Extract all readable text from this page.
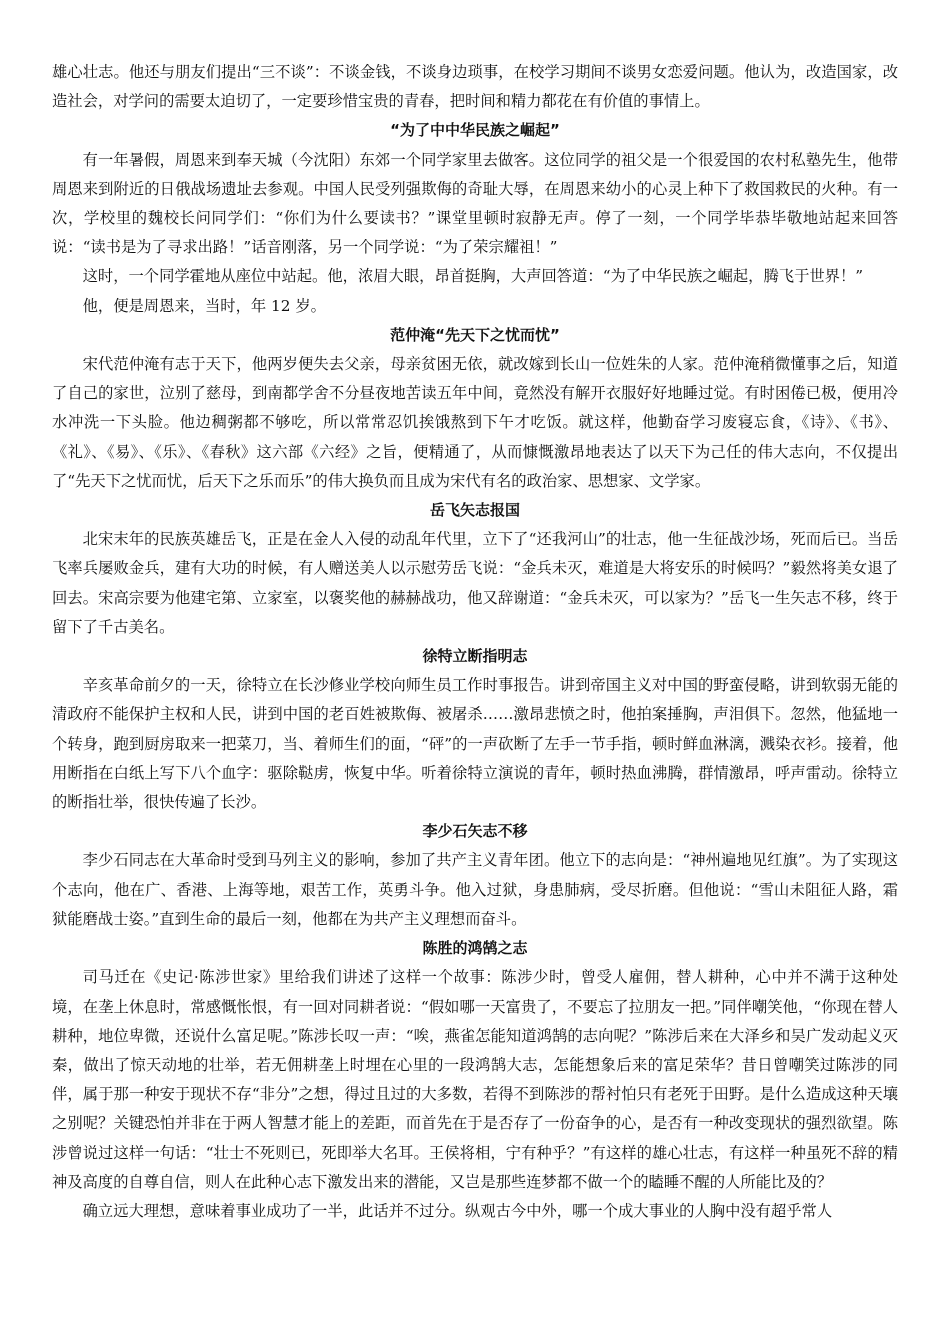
雄心壮志。他还与朋友们提出“三不谈”：不谈金钱，不谈身边琐事，在校学习期间不谈男女恋爱问题。他认为，改造国家，改造社会，对学问的需要太迫切了，一定要珍惜宝贵的青春，把时间和精力都花在有价值的事情上。

“为了中中华民族之崛起”

有一年暑假，周恩来到奉天城（今沈阳）东郊一个同学家里去做客。这位同学的祖父是一个很爱国的农村私塾先生，他带周恩来到附近的日俄战场遗址去参观。中国人民受列强欺侮的奇耻大辱，在周恩来幼小的心灵上种下了救国救民的火种。有一次，学校里的魏校长问同学们：“你们为什么要读书？”课堂里顿时寂静无声。停了一刻，一个同学毕恭毕敬地站起来回答说：“读书是为了寻求出路！”话音刚落，另一个同学说：“为了荣宗耀祖！”

这时，一个同学霍地从座位中站起。他，浓眉大眼，昂首挺胸，大声回答道：“为了中华民族之崛起，腾飞于世界！”

他，便是周恩来，当时，年 12 岁。

范仲淹“先天下之忧而忧”

宋代范仲淹有志于天下，他两岁便失去父亲，母亲贫困无依，就改嫁到长山一位姓朱的人家。范仲淹稍微懂事之后，知道了自己的家世，泣别了慈母，到南都学舍不分昼夜地苦读五年中间，竟然没有解开衣服好好地睡过觉。有时困倦已极，便用冷水冲洗一下头脸。他边稠粥都不够吃，所以常常忍饥挨饿熬到下午才吃饭。就这样，他勤奋学习废寝忘食，《诗》、《书》、《礼》、《易》、《乐》、《春秋》这六部《六经》之旨，便精通了，从而慷慨激昂地表达了以天下为己任的伟大志向，不仅提出了“先天下之忧而忧，后天下之乐而乐”的伟大换负而且成为宋代有名的政治家、思想家、文学家。

岳飞矢志报国

北宋末年的民族英雄岳飞，正是在金人入侵的动乱年代里，立下了“还我河山”的壮志，他一生征战沙场，死而后已。当岳飞率兵屡败金兵，建有大功的时候，有人赠送美人以示慰劳岳飞说：“金兵未灭，难道是大将安乐的时候吗？”毅然将美女退了回去。宋高宗要为他建宅第、立家室，以褒奖他的赫赫战功，他又辞谢道：“金兵未灭，可以家为？”岳飞一生矢志不移，终于留下了千古美名。

徐特立断指明志

辛亥革命前夕的一天，徐特立在长沙修业学校向师生员工作时事报告。讲到帝国主义对中国的野蛮侵略，讲到软弱无能的清政府不能保护主权和人民，讲到中国的老百姓被欺侮、被屠杀……激昂悲愤之时，他拍案捶胸，声泪俱下。忽然，他猛地一个转身，跑到厨房取来一把菜刀，当、着师生们的面，“砰”的一声砍断了左手一节手指，顿时鲜血淋漓，溅染衣衫。接着，他用断指在白纸上写下八个血字：驱除鞑虏，恢复中华。听着徐特立演说的青年，顿时热血沸腾，群情激昂，呼声雷动。徐特立的断指壮举，很快传遍了长沙。

李少石矢志不移

李少石同志在大革命时受到马列主义的影响，参加了共产主义青年团。他立下的志向是：“神州遍地见红旗”。为了实现这个志向，他在广、香港、上海等地，艰苦工作，英勇斗争。他入过狱，身患肺病，受尽折磨。但他说：“雪山未阻征人路，霜狱能磨战士姿。”直到生命的最后一刻，他都在为共产主义理想而奋斗。

陈胜的鸿鹄之志

司马迁在《史记·陈涉世家》里给我们讲述了这样一个故事：陈涉少时，曾受人雇佣，替人耕种，心中并不满于这种处境，在垄上休息时，常感慨怅恨，有一回对同耕者说：“假如哪一天富贵了，不要忘了拉朋友一把。”同伴嘲笑他，“你现在替人耕种，地位卑微，还说什么富足呢。”陈涉长叹一声：“唉，燕雀怎能知道鸿鹄的志向呢？”陈涉后来在大泽乡和吴广发动起义灭秦，做出了惊天动地的壮举，若无佣耕垄上时埋在心里的一段鸿鹄大志，怎能想象后来的富足荣华？昔日曾嘲笑过陈涉的同伴，属于那一种安于现状不存“非分”之想，得过且过的大多数，若得不到陈涉的帮衬怕只有老死于田野。是什么造成这种天壤之别呢？关键恐怕并非在于两人智慧才能上的差距，而首先在于是否存了一份奋争的心，是否有一种改变现状的强烈欲望。陈涉曾说过这样一句话：“壮士不死则已，死即举大名耳。王侯将相，宁有种乎？”有这样的雄心壮志，有这样一种虽死不辞的精神及高度的自尊自信，则人在此种心志下激发出来的潜能，又岂是那些连梦都不做一个的瞌睡不醒的人所能比及的？

确立远大理想，意味着事业成功了一半，此话并不过分。纵观古今中外，哪一个成大事业的人胸中没有超乎常人
